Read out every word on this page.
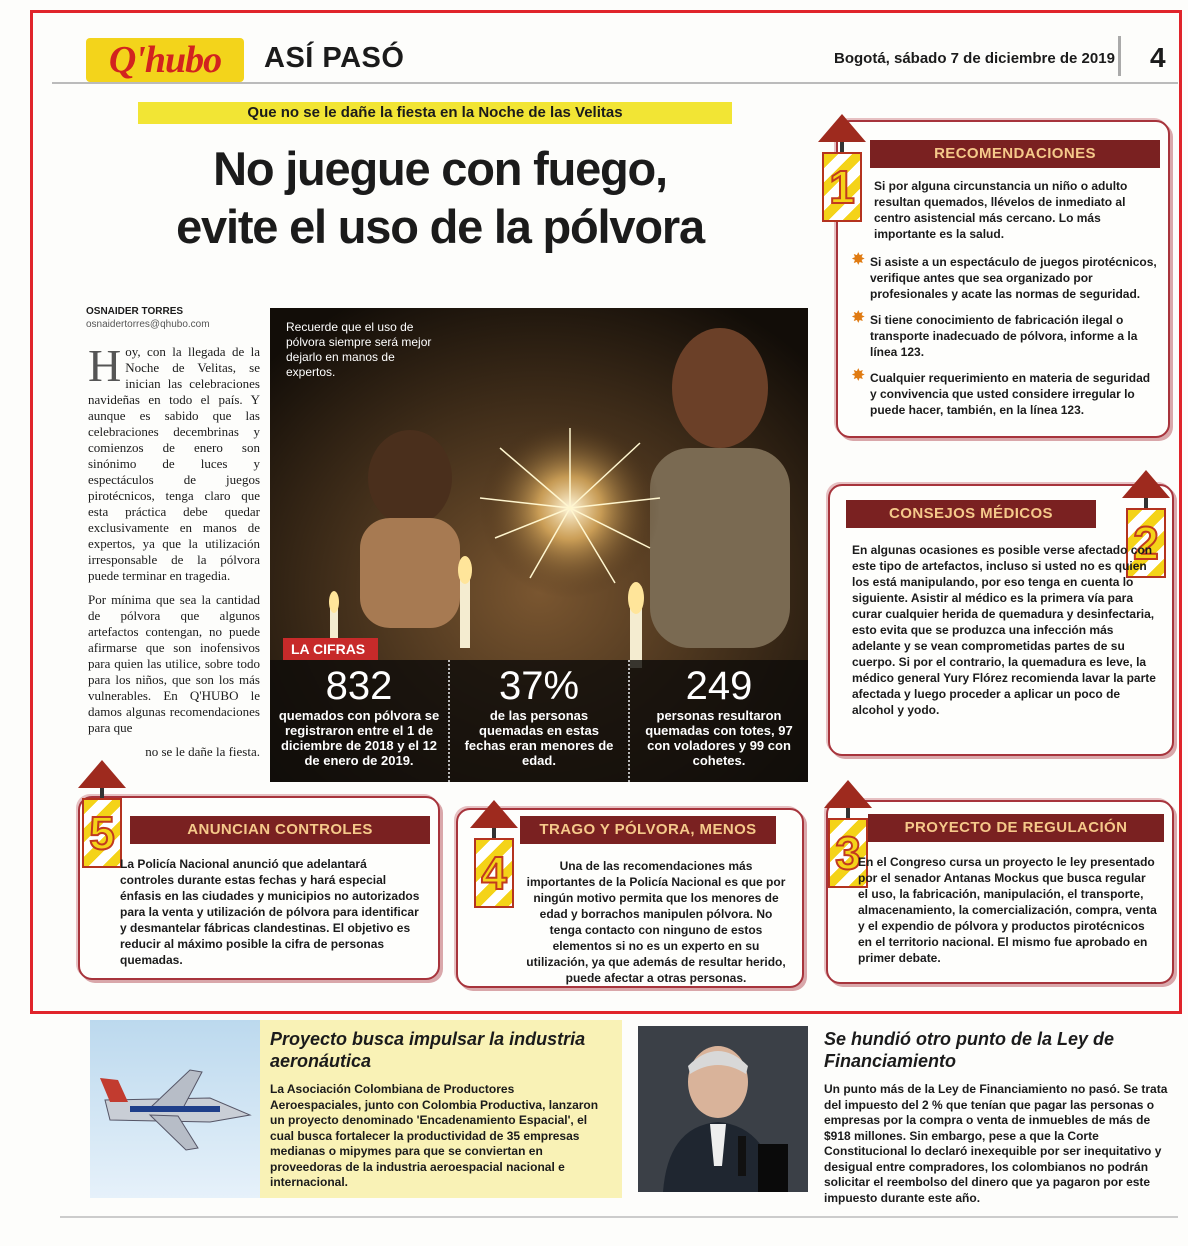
Q'hubo	ASÍ PASÓ	Bogotá, sábado 7 de diciembre de 2019 4
Que no se le dañe la fiesta en la Noche de las Velitas
No juegue con fuego,
evite el uso de la pólvora
OSNAIDER TORRES
osnaidertorres@qhubo.com

Hoy, con la llegada de la Noche de Velitas, se inician las celebraciones navideñas en todo el país. Y aunque es sabido que las celebraciones decembrinas y comienzos de enero son sinónimo de luces y espectáculos de juegos pirotécnicos, tenga claro que esta práctica debe quedar exclusivamente en manos de expertos, ya que la utilización irresponsable de la pólvora puede terminar en tragedia.

Por mínima que sea la cantidad de pólvora que algunos artefactos contengan, no puede afirmarse que son inofensivos para quien las utilice, sobre todo para los niños, que son los más vulnerables. En Q'HUBO le damos algunas recomendaciones para que

no se le dañe la fiesta.

Recuerde que el uso de pólvora siempre será mejor dejarlo en manos de expertos.
LA CIFRAS
832
quemados con pólvora se registraron entre el 1 de diciembre de 2018 y el 12 de enero de 2019.
37%
de las personas quemadas en estas fechas eran menores de edad.
249
personas resultaron quemadas con totes, 97 con voladores y 99 con cohetes.
RECOMENDACIONES
1	Si por alguna circunstancia un niño o adulto resultan quemados, llévelos de inmediato al centro asistencial más cercano. Lo más importante es la salud.
✸ Si asiste a un espectáculo de juegos pirotécnicos, verifique antes que sea organizado por profesionales y acate las normas de seguridad.
✸ Si tiene conocimiento de fabricación ilegal o transporte inadecuado de pólvora, informe a la línea 123.
✸ Cualquier requerimiento en materia de seguridad y convivencia que usted considere irregular lo puede hacer, también, en la línea 123.
CONSEJOS MÉDICOS
2
En algunas ocasiones es posible verse afectado con este tipo de artefactos, incluso si usted no es quien los está manipulando, por eso tenga en cuenta lo siguiente. Asistir al médico es la primera vía para curar cualquier herida de quemadura y desinfectaria, esto evita que se produzca una infección más adelante y se vean comprometidas partes de su cuerpo. Si por el contrario, la quemadura es leve, la médico general Yury Flórez recomienda lavar la parte afectada y luego proceder a aplicar un poco de alcohol y yodo.
PROYECTO DE REGULACIÓN
3
En el Congreso cursa un proyecto le ley presentado por el senador Antanas Mockus que busca regular el uso, la fabricación, manipulación, el transporte, almacenamiento, la comercialización, compra, venta y el expendio de pólvora y productos pirotécnicos en el territorio nacional. El mismo fue aprobado en primer debate.
TRAGO Y PÓLVORA, MENOS
4	Una de las recomendaciones más importantes de la Policía Nacional es que por ningún motivo permita que los menores de edad y borrachos manipulen pólvora. No tenga contacto con ninguno de estos elementos si no es un experto en su utilización, ya que además de resultar herido, puede afectar a otras personas.
ANUNCIAN CONTROLES
5
La Policía Nacional anunció que adelantará controles durante estas fechas y hará especial énfasis en las ciudades y municipios no autorizados para la venta y utilización de pólvora para identificar y desmantelar fábricas clandestinas. El objetivo es reducir al máximo posible la cifra de personas quemadas.
Proyecto busca impulsar la industria aeronáutica
La Asociación Colombiana de Productores Aeroespaciales, junto con Colombia Productiva, lanzaron un proyecto denominado 'Encadenamiento Espacial', el cual busca fortalecer la productividad de 35 empresas medianas o mipymes para que se conviertan en proveedoras de la industria aeroespacial nacional e internacional.
Se hundió otro punto de la Ley de Financiamiento
Un punto más de la Ley de Financiamiento no pasó. Se trata del impuesto del 2 % que tenían que pagar las personas o empresas por la compra o venta de inmuebles de más de $918 millones. Sin embargo, pese a que la Corte Constitucional lo declaró inexequible por ser inequitativo y desigual entre compradores, los colombianos no podrán solicitar el reembolso del dinero que ya pagaron por este impuesto durante este año.
